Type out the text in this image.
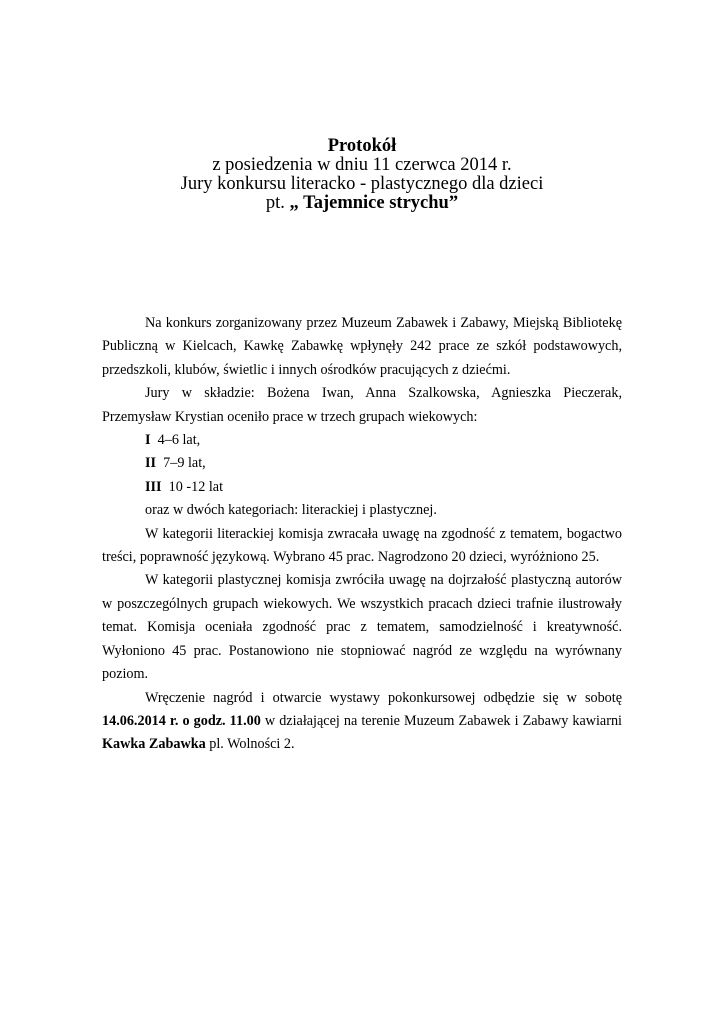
Protokół
z posiedzenia w dniu 11 czerwca 2014 r.
Jury konkursu literacko - plastycznego dla dzieci
pt. „ Tajemnice strychu”

Na konkurs zorganizowany przez Muzeum Zabawek i Zabawy, Miejską Bibliotekę Publiczną w Kielcach, Kawkę Zabawkę wpłynęły 242 prace ze szkół podstawowych, przedszkoli, klubów, świetlic i innych ośrodków pracujących z dziećmi.

Jury w składzie: Bożena Iwan, Anna Szalkowska, Agnieszka Pieczerak, Przemysław Krystian oceniło prace w trzech grupach wiekowych:

I 4–6 lat,

II 7–9 lat,

III 10 -12 lat

oraz w dwóch kategoriach: literackiej i plastycznej.

W kategorii literackiej komisja zwracała uwagę na zgodność z tematem, bogactwo treści, poprawność językową. Wybrano 45 prac. Nagrodzono 20 dzieci, wyróżniono 25.

W kategorii plastycznej komisja zwróciła uwagę na dojrzałość plastyczną autorów w poszczególnych grupach wiekowych. We wszystkich pracach dzieci trafnie ilustrowały temat. Komisja oceniała zgodność prac z tematem, samodzielność i kreatywność. Wyłoniono 45 prac. Postanowiono nie stopniować nagród ze względu na wyrównany poziom.

Wręczenie nagród i otwarcie wystawy pokonkursowej odbędzie się w sobotę 14.06.2014 r. o godz. 11.00 w działającej na terenie Muzeum Zabawek i Zabawy kawiarni Kawka Zabawka pl. Wolności 2.
